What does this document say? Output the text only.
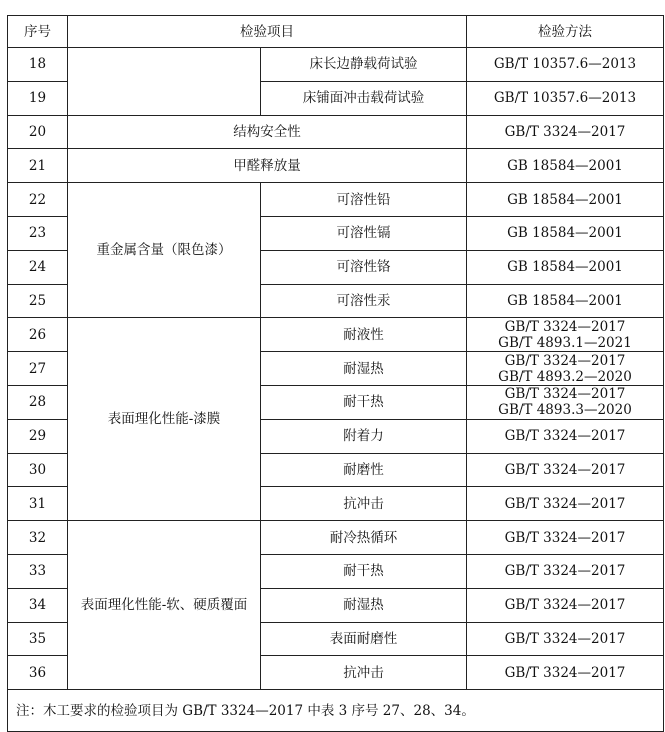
序号	检验项目		检验方法
18		床长边静载荷试验	GB/T 10357.6—2013
19		床铺面冲击载荷试验	GB/T 10357.6—2013
20	结构安全性		GB/T 3324—2017
21	甲醛释放量		GB 18584—2001
22	重金属含量（限色漆）	可溶性铅	GB 18584—2001
23		可溶性镉	GB 18584—2001
24		可溶性铬	GB 18584—2001
25		可溶性汞	GB 18584—2001
26	表面理化性能-漆膜	耐液性	GB/T 3324—2017
GB/T 4893.1—2021

27		耐湿热	GB/T 3324—2017
GB/T 4893.2—2020

28		耐干热	GB/T 3324—2017
GB/T 4893.3—2020

29		附着力	GB/T 3324—2017
30		耐磨性	GB/T 3324—2017
31		抗冲击	GB/T 3324—2017
32	表面理化性能-软、硬质覆面	耐冷热循环	GB/T 3324—2017
33		耐干热	GB/T 3324—2017
34		耐湿热	GB/T 3324—2017
35		表面耐磨性	GB/T 3324—2017
36		抗冲击	GB/T 3324—2017
注：木工要求的检验项目为 GB/T 3324—2017 中表 3 序号 27、28、34。			
